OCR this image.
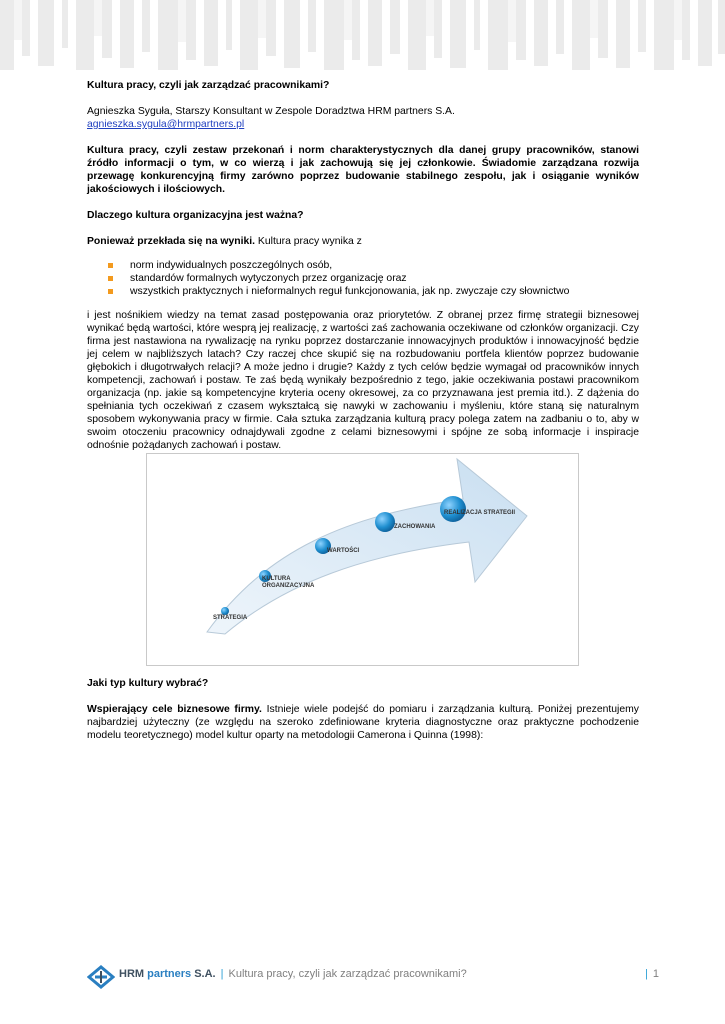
Kultura pracy, czyli jak zarządzać pracownikami?

Agnieszka Syguła, Starszy Konsultant w Zespole Doradztwa HRM partners S.A.

agnieszka.sygula@hrmpartners.pl

Kultura pracy, czyli zestaw przekonań i norm charakterystycznych dla danej grupy pracowników, stanowi źródło informacji o tym, w co wierzą i jak zachowują się jej członkowie. Świadomie zarządzana rozwija przewagę konkurencyjną firmy zarówno poprzez budowanie stabilnego zespołu, jak i osiąganie wyników jakościowych i ilościowych.

Dlaczego kultura organizacyjna jest ważna?

Ponieważ przekłada się na wyniki. Kultura pracy wynika z

norm indywidualnych poszczególnych osób,
standardów formalnych wytyczonych przez organizację oraz
wszystkich praktycznych i nieformalnych reguł funkcjonowania, jak np. zwyczaje czy słownictwo

i jest nośnikiem wiedzy na temat zasad postępowania oraz priorytetów. Z obranej przez firmę strategii biznesowej wynikać będą wartości, które wesprą jej realizację, z wartości zaś zachowania oczekiwane od członków organizacji. Czy firma jest nastawiona na rywalizację na rynku poprzez dostarczanie innowacyjnych produktów i innowacyjność będzie jej celem w najbliższych latach? Czy raczej chce skupić się na rozbudowaniu portfela klientów poprzez budowanie głębokich i długotrwałych relacji? A może jedno i drugie? Każdy z tych celów będzie wymagał od pracowników innych kompetencji, zachowań i postaw. Te zaś będą wynikały bezpośrednio z tego, jakie oczekiwania postawi pracownikom organizacja (np. jakie są kompetencyjne kryteria oceny okresowej, za co przyznawana jest premia itd.). Z dążenia do spełniania tych oczekiwań z czasem wykształcą się nawyki w zachowaniu i myśleniu, które staną się naturalnym sposobem wykonywania pracy w firmie. Cała sztuka zarządzania kulturą pracy polega zatem na zadbaniu o to, aby w swoim otoczeniu pracownicy odnajdywali zgodne z celami biznesowymi i spójne ze sobą informacje i inspiracje odnośnie pożądanych zachowań i postaw.

STRATEGIA
KULTURA
ORGANIZACYJNA
WARTOŚCI
ZACHOWANIA
REALIZACJA STRATEGII

Jaki typ kultury wybrać?

Wspierający cele biznesowe firmy. Istnieje wiele podejść do pomiaru i zarządzania kulturą. Poniżej prezentujemy najbardziej użyteczny (ze względu na szeroko zdefiniowane kryteria diagnostyczne oraz praktyczne pochodzenie modelu teoretycznego) model kultur oparty na metodologii Camerona i Quinna (1998):

HRM partners S.A. | Kultura pracy, czyli jak zarządzać pracownikami?	| 1
